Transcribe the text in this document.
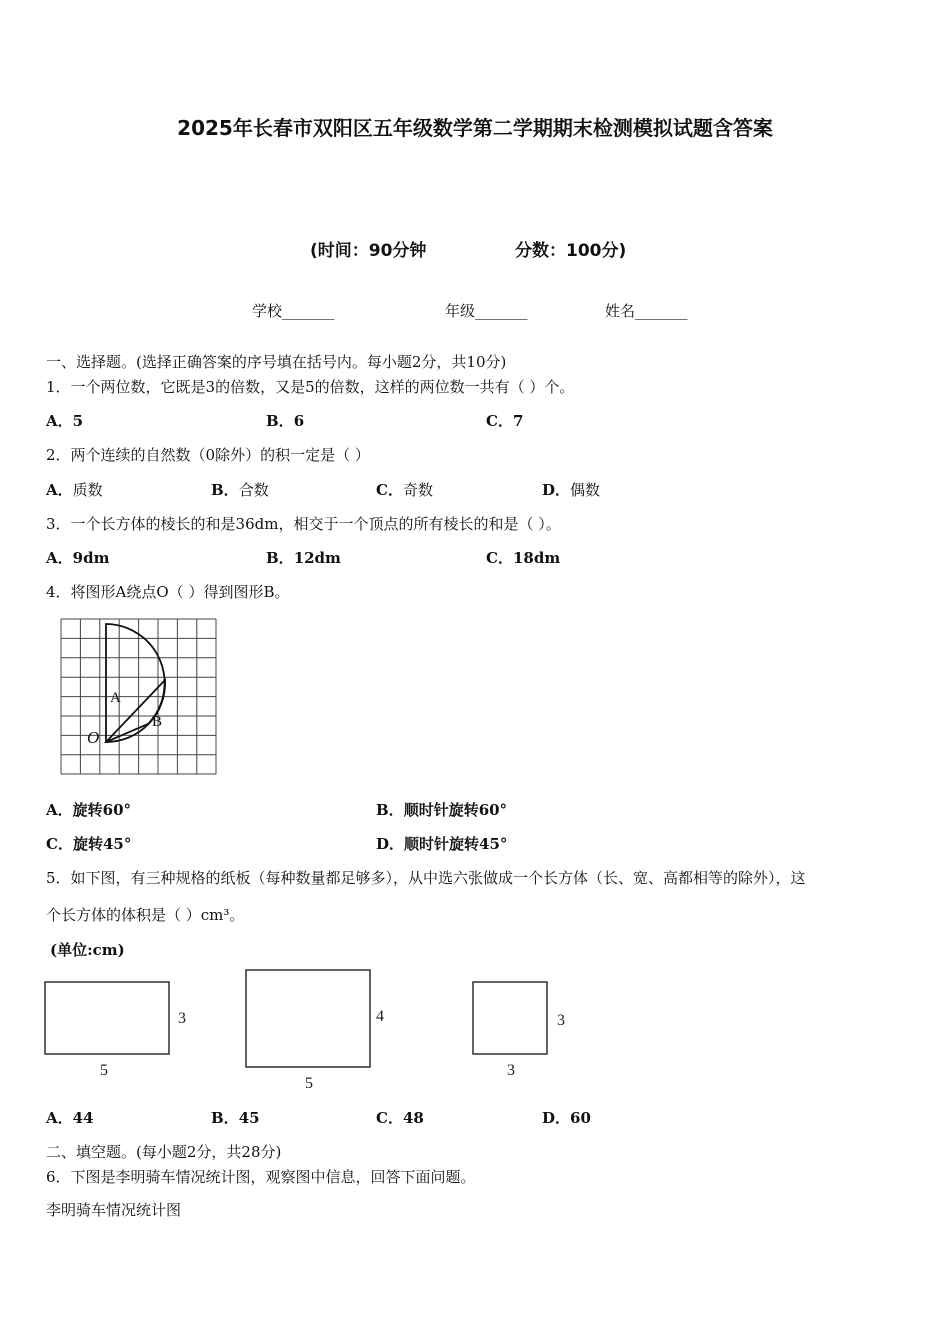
2025年长春市双阳区五年级数学第二学期期末检测模拟试题含答案
(时间：90分钟	分数：100分)
学校_______	年级_______	姓名_______
一、选择题。(选择正确答案的序号填在括号内。每小题2分，共10分)
1．一个两位数，它既是3的倍数，又是5的倍数，这样的两位数一共有（ ）个。
A．5	B．6	C．7
2．两个连续的自然数（0除外）的积一定是（ ）
A．质数	B．合数	C．奇数	D．偶数
3．一个长方体的棱长的和是36dm，相交于一个顶点的所有棱长的和是（ ）。
A．9dm	B．12dm	C．18dm
4．将图形A绕点O（ ）得到图形B。
A
B
O
A．旋转60°	B．顺时针旋转60°
C．旋转45°	D．顺时针旋转45°
5．如下图，有三种规格的纸板（每种数量都足够多），从中选六张做成一个长方体（长、宽、高都相等的除外），这
个长方体的体积是（ ）cm³。
(单位:cm)
3
5
4
5
3
3
A．44	B．45	C．48	D．60
二、填空题。(每小题2分，共28分)
6．下图是李明骑车情况统计图，观察图中信息，回答下面问题。
李明骑车情况统计图
